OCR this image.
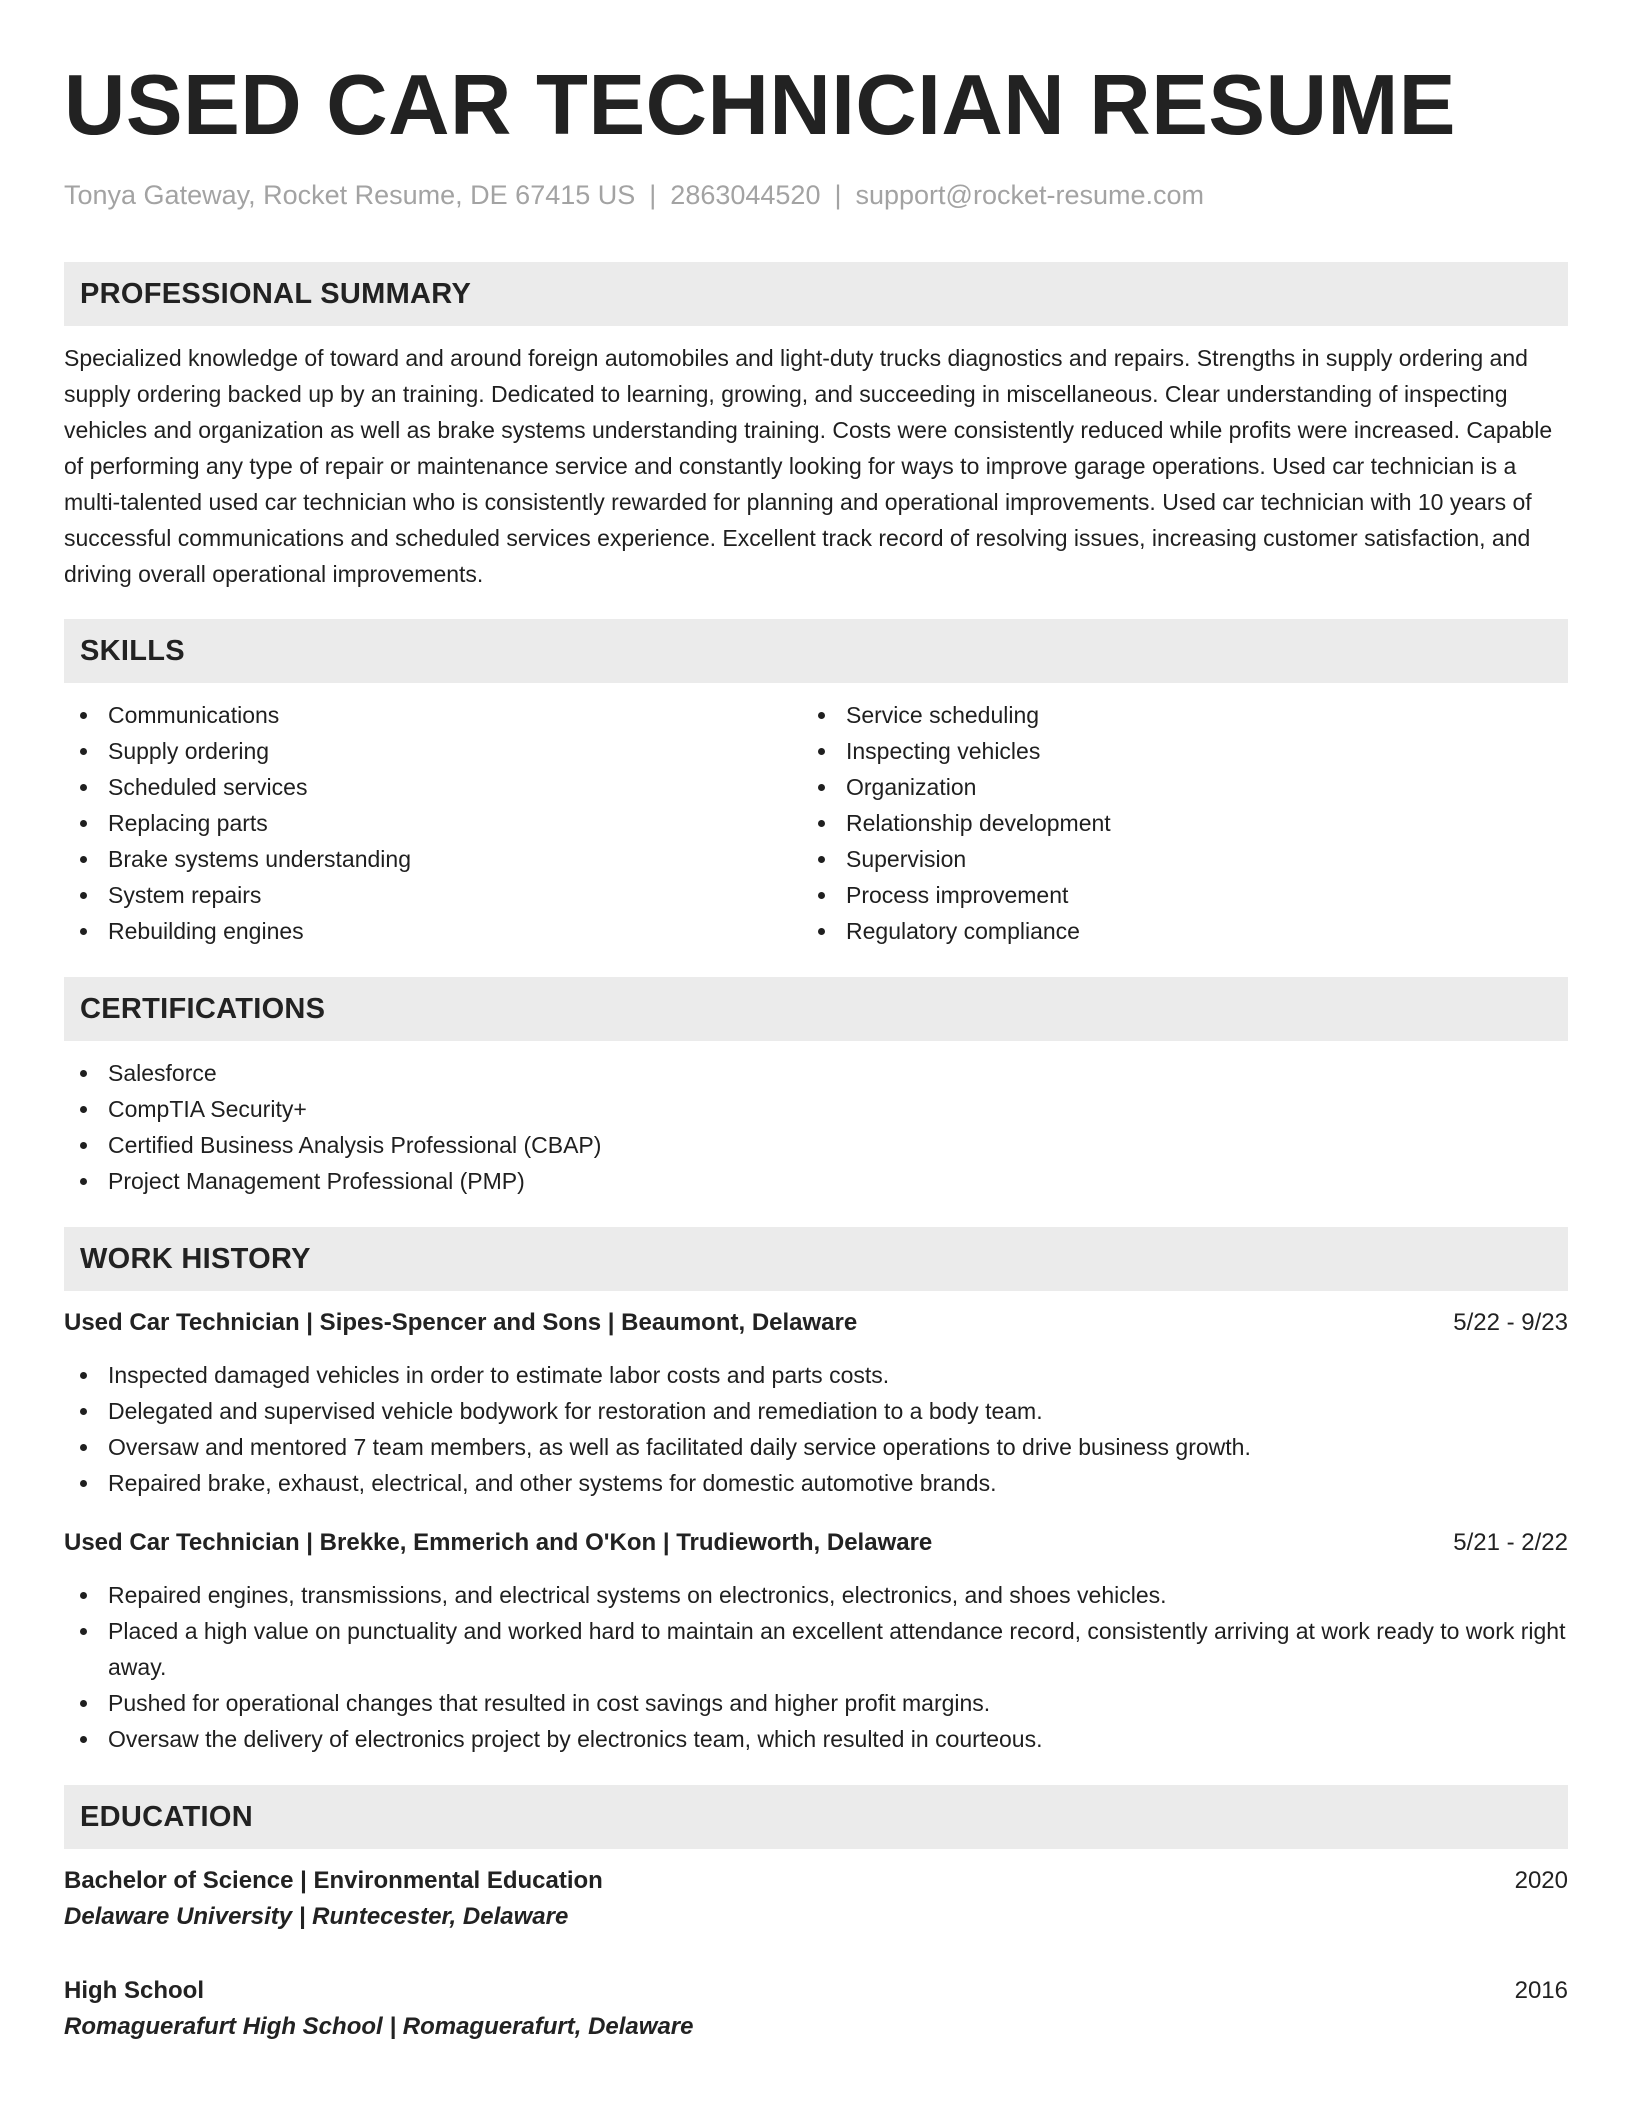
USED CAR TECHNICIAN RESUME
Tonya Gateway, Rocket Resume, DE 67415 US | 2863044520 | support@rocket-resume.com
PROFESSIONAL SUMMARY

Specialized knowledge of toward and around foreign automobiles and light-duty trucks diagnostics and repairs. Strengths in supply ordering and supply ordering backed up by an training. Dedicated to learning, growing, and succeeding in miscellaneous. Clear understanding of inspecting vehicles and organization as well as brake systems understanding training. Costs were consistently reduced while profits were increased. Capable of performing any type of repair or maintenance service and constantly looking for ways to improve garage operations. Used car technician is a multi-talented used car technician who is consistently rewarded for planning and operational improvements. Used car technician with 10 years of successful communications and scheduled services experience. Excellent track record of resolving issues, increasing customer satisfaction, and driving overall operational improvements.

SKILLS
Communications
Supply ordering
Scheduled services
Replacing parts
Brake systems understanding
System repairs
Rebuilding engines
Service scheduling
Inspecting vehicles
Organization
Relationship development
Supervision
Process improvement
Regulatory compliance
CERTIFICATIONS
Salesforce
CompTIA Security+
Certified Business Analysis Professional (CBAP)
Project Management Professional (PMP)
WORK HISTORY
Used Car Technician | Sipes-Spencer and Sons | Beaumont, Delaware	5/22 - 9/23
Inspected damaged vehicles in order to estimate labor costs and parts costs.
Delegated and supervised vehicle bodywork for restoration and remediation to a body team.
Oversaw and mentored 7 team members, as well as facilitated daily service operations to drive business growth.
Repaired brake, exhaust, electrical, and other systems for domestic automotive brands.
Used Car Technician | Brekke, Emmerich and O'Kon | Trudieworth, Delaware	5/21 - 2/22
Repaired engines, transmissions, and electrical systems on electronics, electronics, and shoes vehicles.
Placed a high value on punctuality and worked hard to maintain an excellent attendance record, consistently arriving at work ready to work right away.
Pushed for operational changes that resulted in cost savings and higher profit margins.
Oversaw the delivery of electronics project by electronics team, which resulted in courteous.
EDUCATION
Bachelor of Science | Environmental Education	2020
Delaware University | Runtecester, Delaware
High School	2016
Romaguerafurt High School | Romaguerafurt, Delaware
